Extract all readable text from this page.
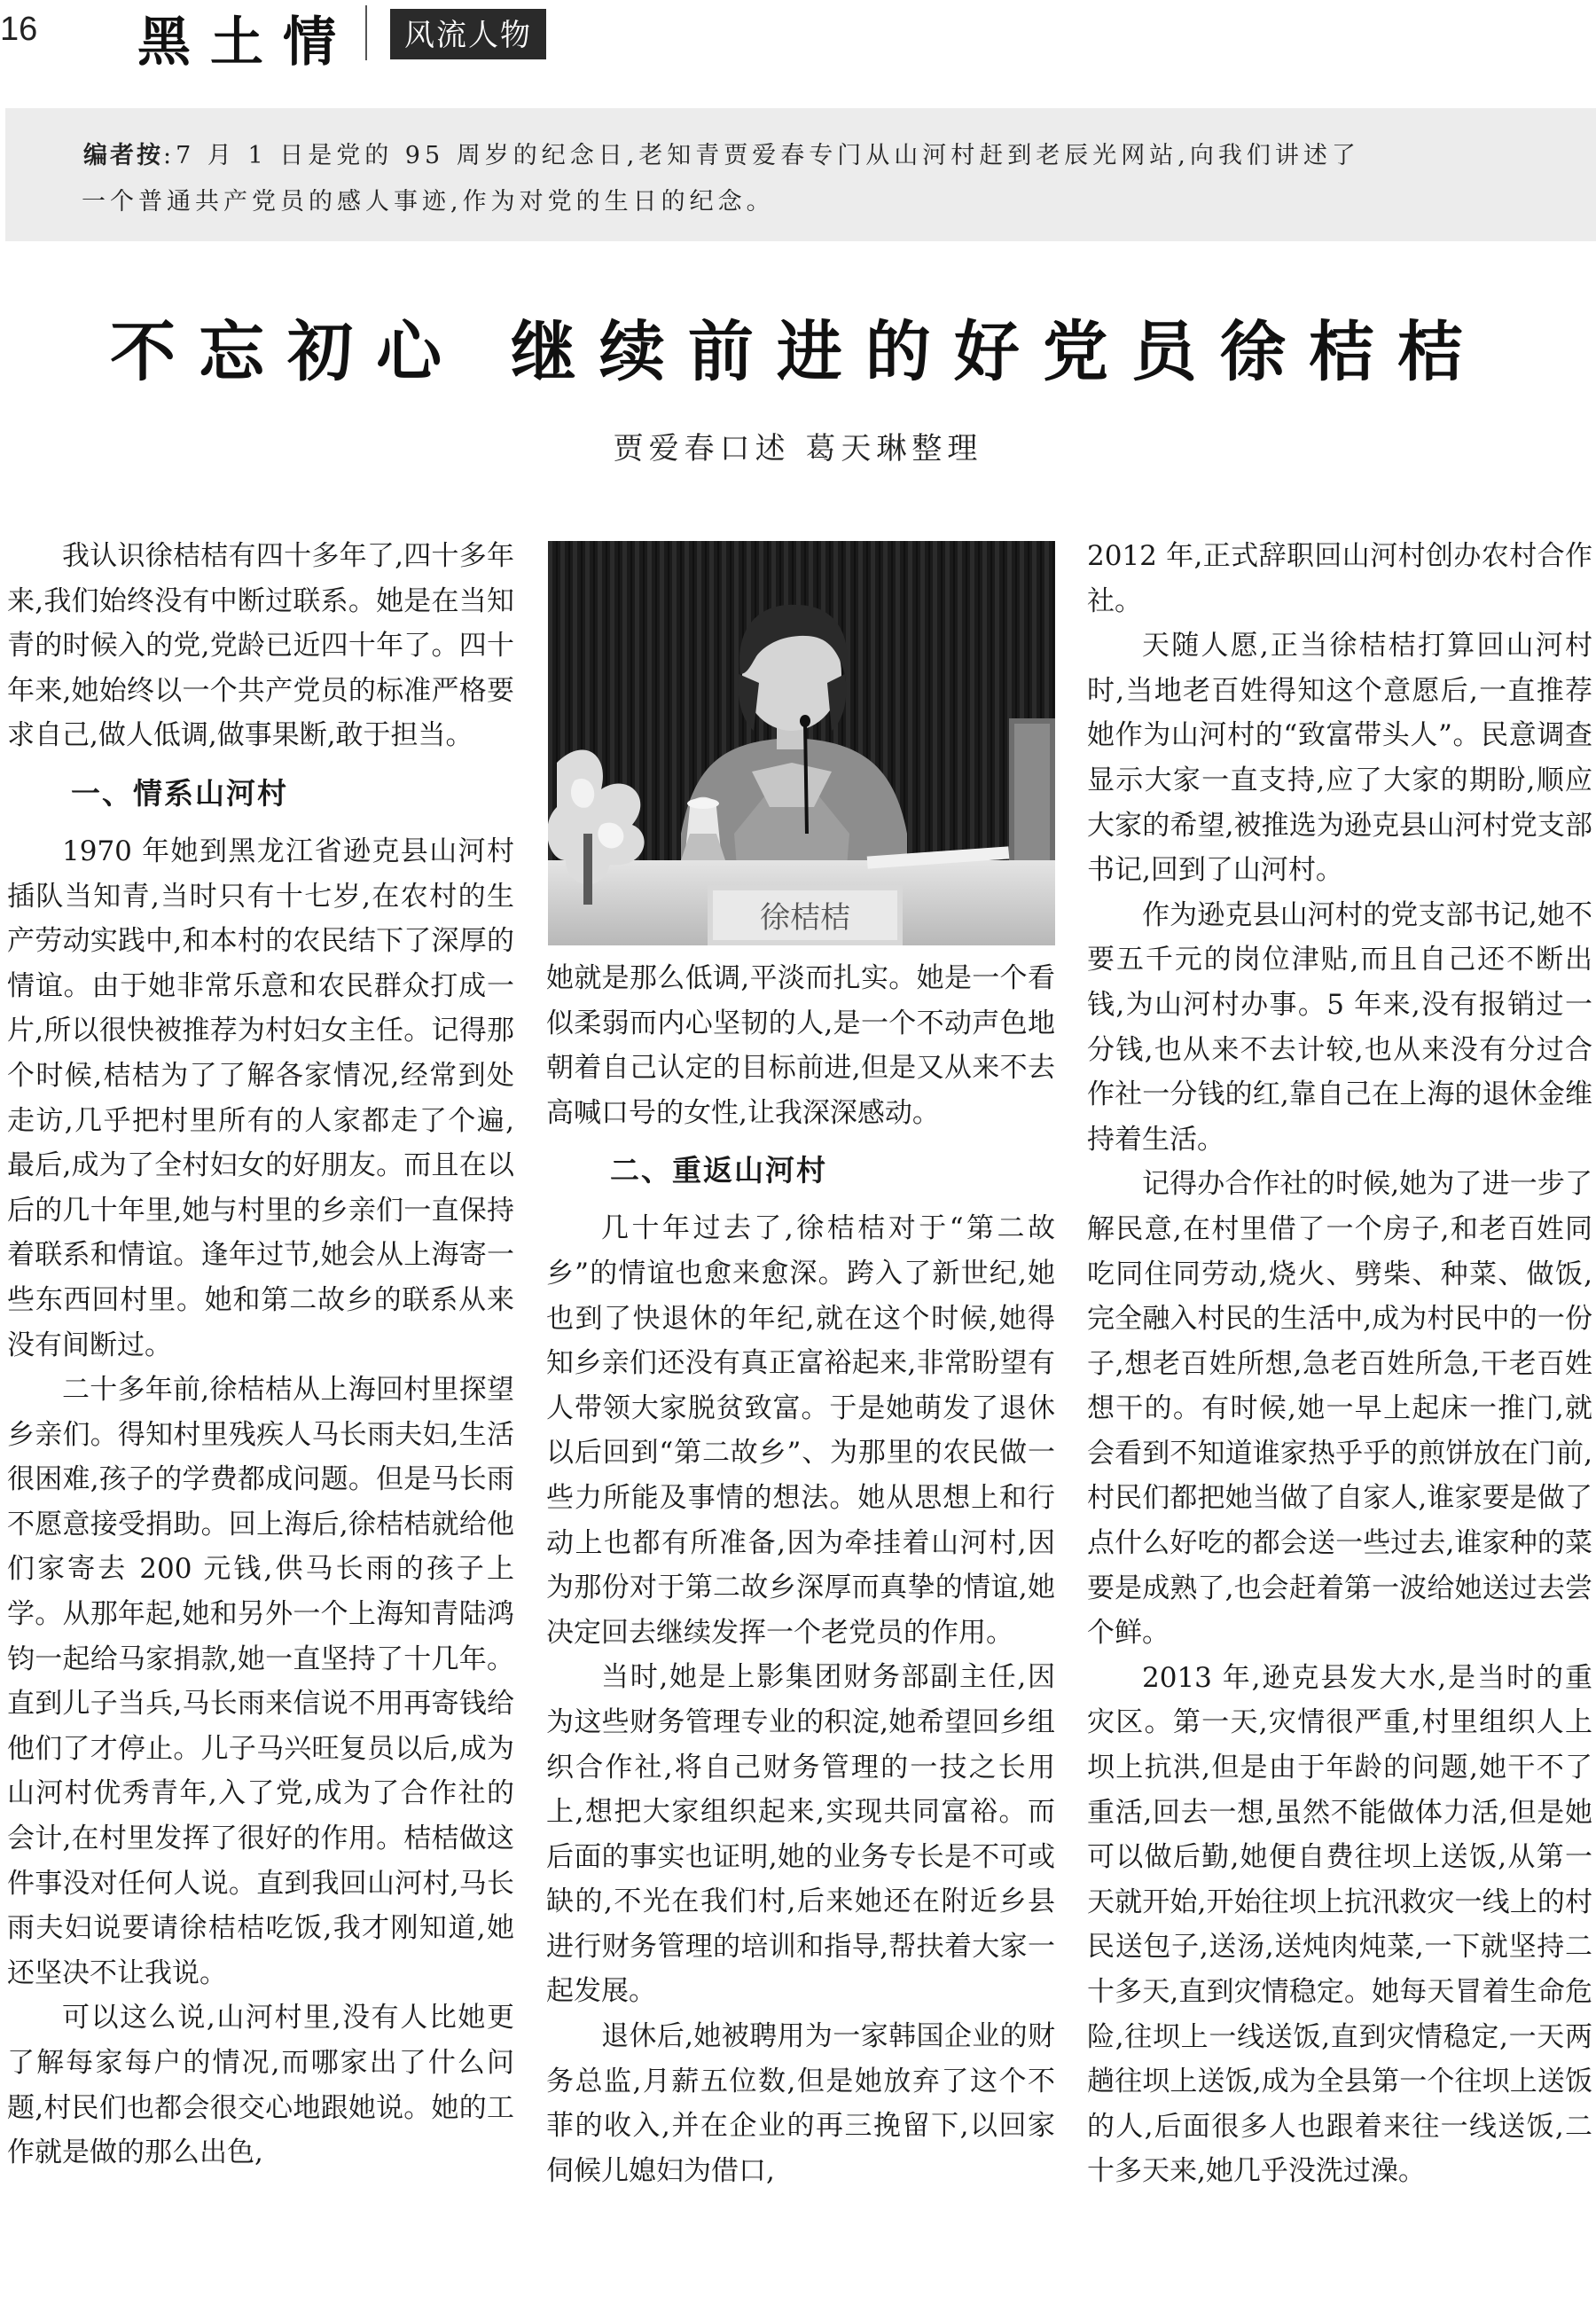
16 黑土情	风流人物
编者按:7 月 1 日是党的 95 周岁的纪念日,老知青贾爱春专门从山河村赶到老辰光网站,向我们讲述了
一个普通共产党员的感人事迹,作为对党的生日的纪念。
不忘初心 继续前进的好党员徐桔桔
贾爱春口述 葛天琳整理
徐桔桔

我认识徐桔桔有四十多年了,四十多年来,我们始终没有中断过联系。她是在当知青的时候入的党,党龄已近四十年了。四十年来,她始终以一个共产党员的标准严格要求自己,做人低调,做事果断,敢于担当。

一、情系山河村

1970 年她到黑龙江省逊克县山河村插队当知青,当时只有十七岁,在农村的生产劳动实践中,和本村的农民结下了深厚的情谊。由于她非常乐意和农民群众打成一片,所以很快被推荐为村妇女主任。记得那个时候,桔桔为了了解各家情况,经常到处走访,几乎把村里所有的人家都走了个遍,最后,成为了全村妇女的好朋友。而且在以后的几十年里,她与村里的乡亲们一直保持着联系和情谊。逢年过节,她会从上海寄一些东西回村里。她和第二故乡的联系从来没有间断过。

二十多年前,徐桔桔从上海回村里探望乡亲们。得知村里残疾人马长雨夫妇,生活很困难,孩子的学费都成问题。但是马长雨不愿意接受捐助。回上海后,徐桔桔就给他们家寄去 200 元钱,供马长雨的孩子上学。从那年起,她和另外一个上海知青陆鸿钧一起给马家捐款,她一直坚持了十几年。直到儿子当兵,马长雨来信说不用再寄钱给他们了才停止。儿子马兴旺复员以后,成为山河村优秀青年,入了党,成为了合作社的会计,在村里发挥了很好的作用。桔桔做这件事没对任何人说。直到我回山河村,马长雨夫妇说要请徐桔桔吃饭,我才刚知道,她还坚决不让我说。

可以这么说,山河村里,没有人比她更了解每家每户的情况,而哪家出了什么问题,村民们也都会很交心地跟她说。她的工作就是做的那么出色,

她就是那么低调,平淡而扎实。她是一个看似柔弱而内心坚韧的人,是一个不动声色地朝着自己认定的目标前进,但是又从来不去高喊口号的女性,让我深深感动。

二、重返山河村

几十年过去了,徐桔桔对于“第二故乡”的情谊也愈来愈深。跨入了新世纪,她也到了快退休的年纪,就在这个时候,她得知乡亲们还没有真正富裕起来,非常盼望有人带领大家脱贫致富。于是她萌发了退休以后回到“第二故乡”、为那里的农民做一些力所能及事情的想法。她从思想上和行动上也都有所准备,因为牵挂着山河村,因为那份对于第二故乡深厚而真挚的情谊,她决定回去继续发挥一个老党员的作用。

当时,她是上影集团财务部副主任,因为这些财务管理专业的积淀,她希望回乡组织合作社,将自己财务管理的一技之长用上,想把大家组织起来,实现共同富裕。而后面的事实也证明,她的业务专长是不可或缺的,不光在我们村,后来她还在附近乡县进行财务管理的培训和指导,帮扶着大家一起发展。

退休后,她被聘用为一家韩国企业的财务总监,月薪五位数,但是她放弃了这个不菲的收入,并在企业的再三挽留下,以回家伺候儿媳妇为借口,

2012 年,正式辞职回山河村创办农村合作社。

天随人愿,正当徐桔桔打算回山河村时,当地老百姓得知这个意愿后,一直推荐她作为山河村的“致富带头人”。民意调查显示大家一直支持,应了大家的期盼,顺应大家的希望,被推选为逊克县山河村党支部书记,回到了山河村。

作为逊克县山河村的党支部书记,她不要五千元的岗位津贴,而且自己还不断出钱,为山河村办事。5 年来,没有报销过一分钱,也从来不去计较,也从来没有分过合作社一分钱的红,靠自己在上海的退休金维持着生活。

记得办合作社的时候,她为了进一步了解民意,在村里借了一个房子,和老百姓同吃同住同劳动,烧火、劈柴、种菜、做饭,完全融入村民的生活中,成为村民中的一份子,想老百姓所想,急老百姓所急,干老百姓想干的。有时候,她一早上起床一推门,就会看到不知道谁家热乎乎的煎饼放在门前,村民们都把她当做了自家人,谁家要是做了点什么好吃的都会送一些过去,谁家种的菜要是成熟了,也会赶着第一波给她送过去尝个鲜。

2013 年,逊克县发大水,是当时的重灾区。第一天,灾情很严重,村里组织人上坝上抗洪,但是由于年龄的问题,她干不了重活,回去一想,虽然不能做体力活,但是她可以做后勤,她便自费往坝上送饭,从第一天就开始,开始往坝上抗汛救灾一线上的村民送包子,送汤,送炖肉炖菜,一下就坚持二十多天,直到灾情稳定。她每天冒着生命危险,往坝上一线送饭,直到灾情稳定,一天两趟往坝上送饭,成为全县第一个往坝上送饭的人,后面很多人也跟着来往一线送饭,二十多天来,她几乎没洗过澡。
